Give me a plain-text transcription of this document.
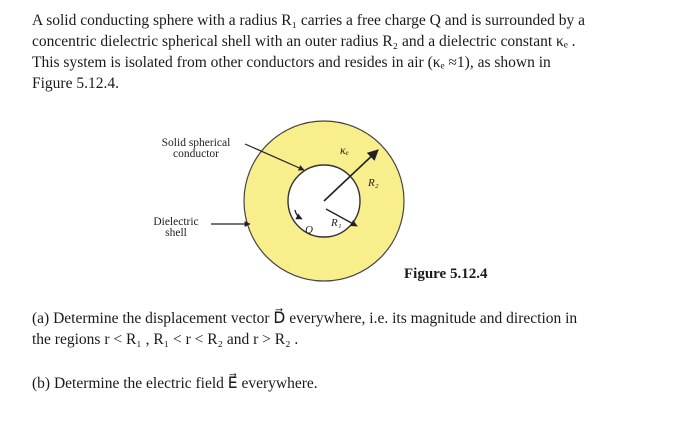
A solid conducting sphere with a radius R₁ carries a free charge Q and is surrounded by a
concentric dielectric spherical shell with an outer radius R₂ and a dielectric constant κₑ .
This system is isolated from other conductors and resides in air (κₑ ≈1), as shown in
Figure 5.12.4.
κₑ
R₂
R₁
Q
Solid spherical
conductor
Dielectric
shell
Figure 5.12.4
(a) Determine the displacement vector D⃗ everywhere, i.e. its magnitude and direction in
the regions r < R₁ , R₁ < r < R₂ and r > R₂ .
(b) Determine the electric field E⃗ everywhere.
